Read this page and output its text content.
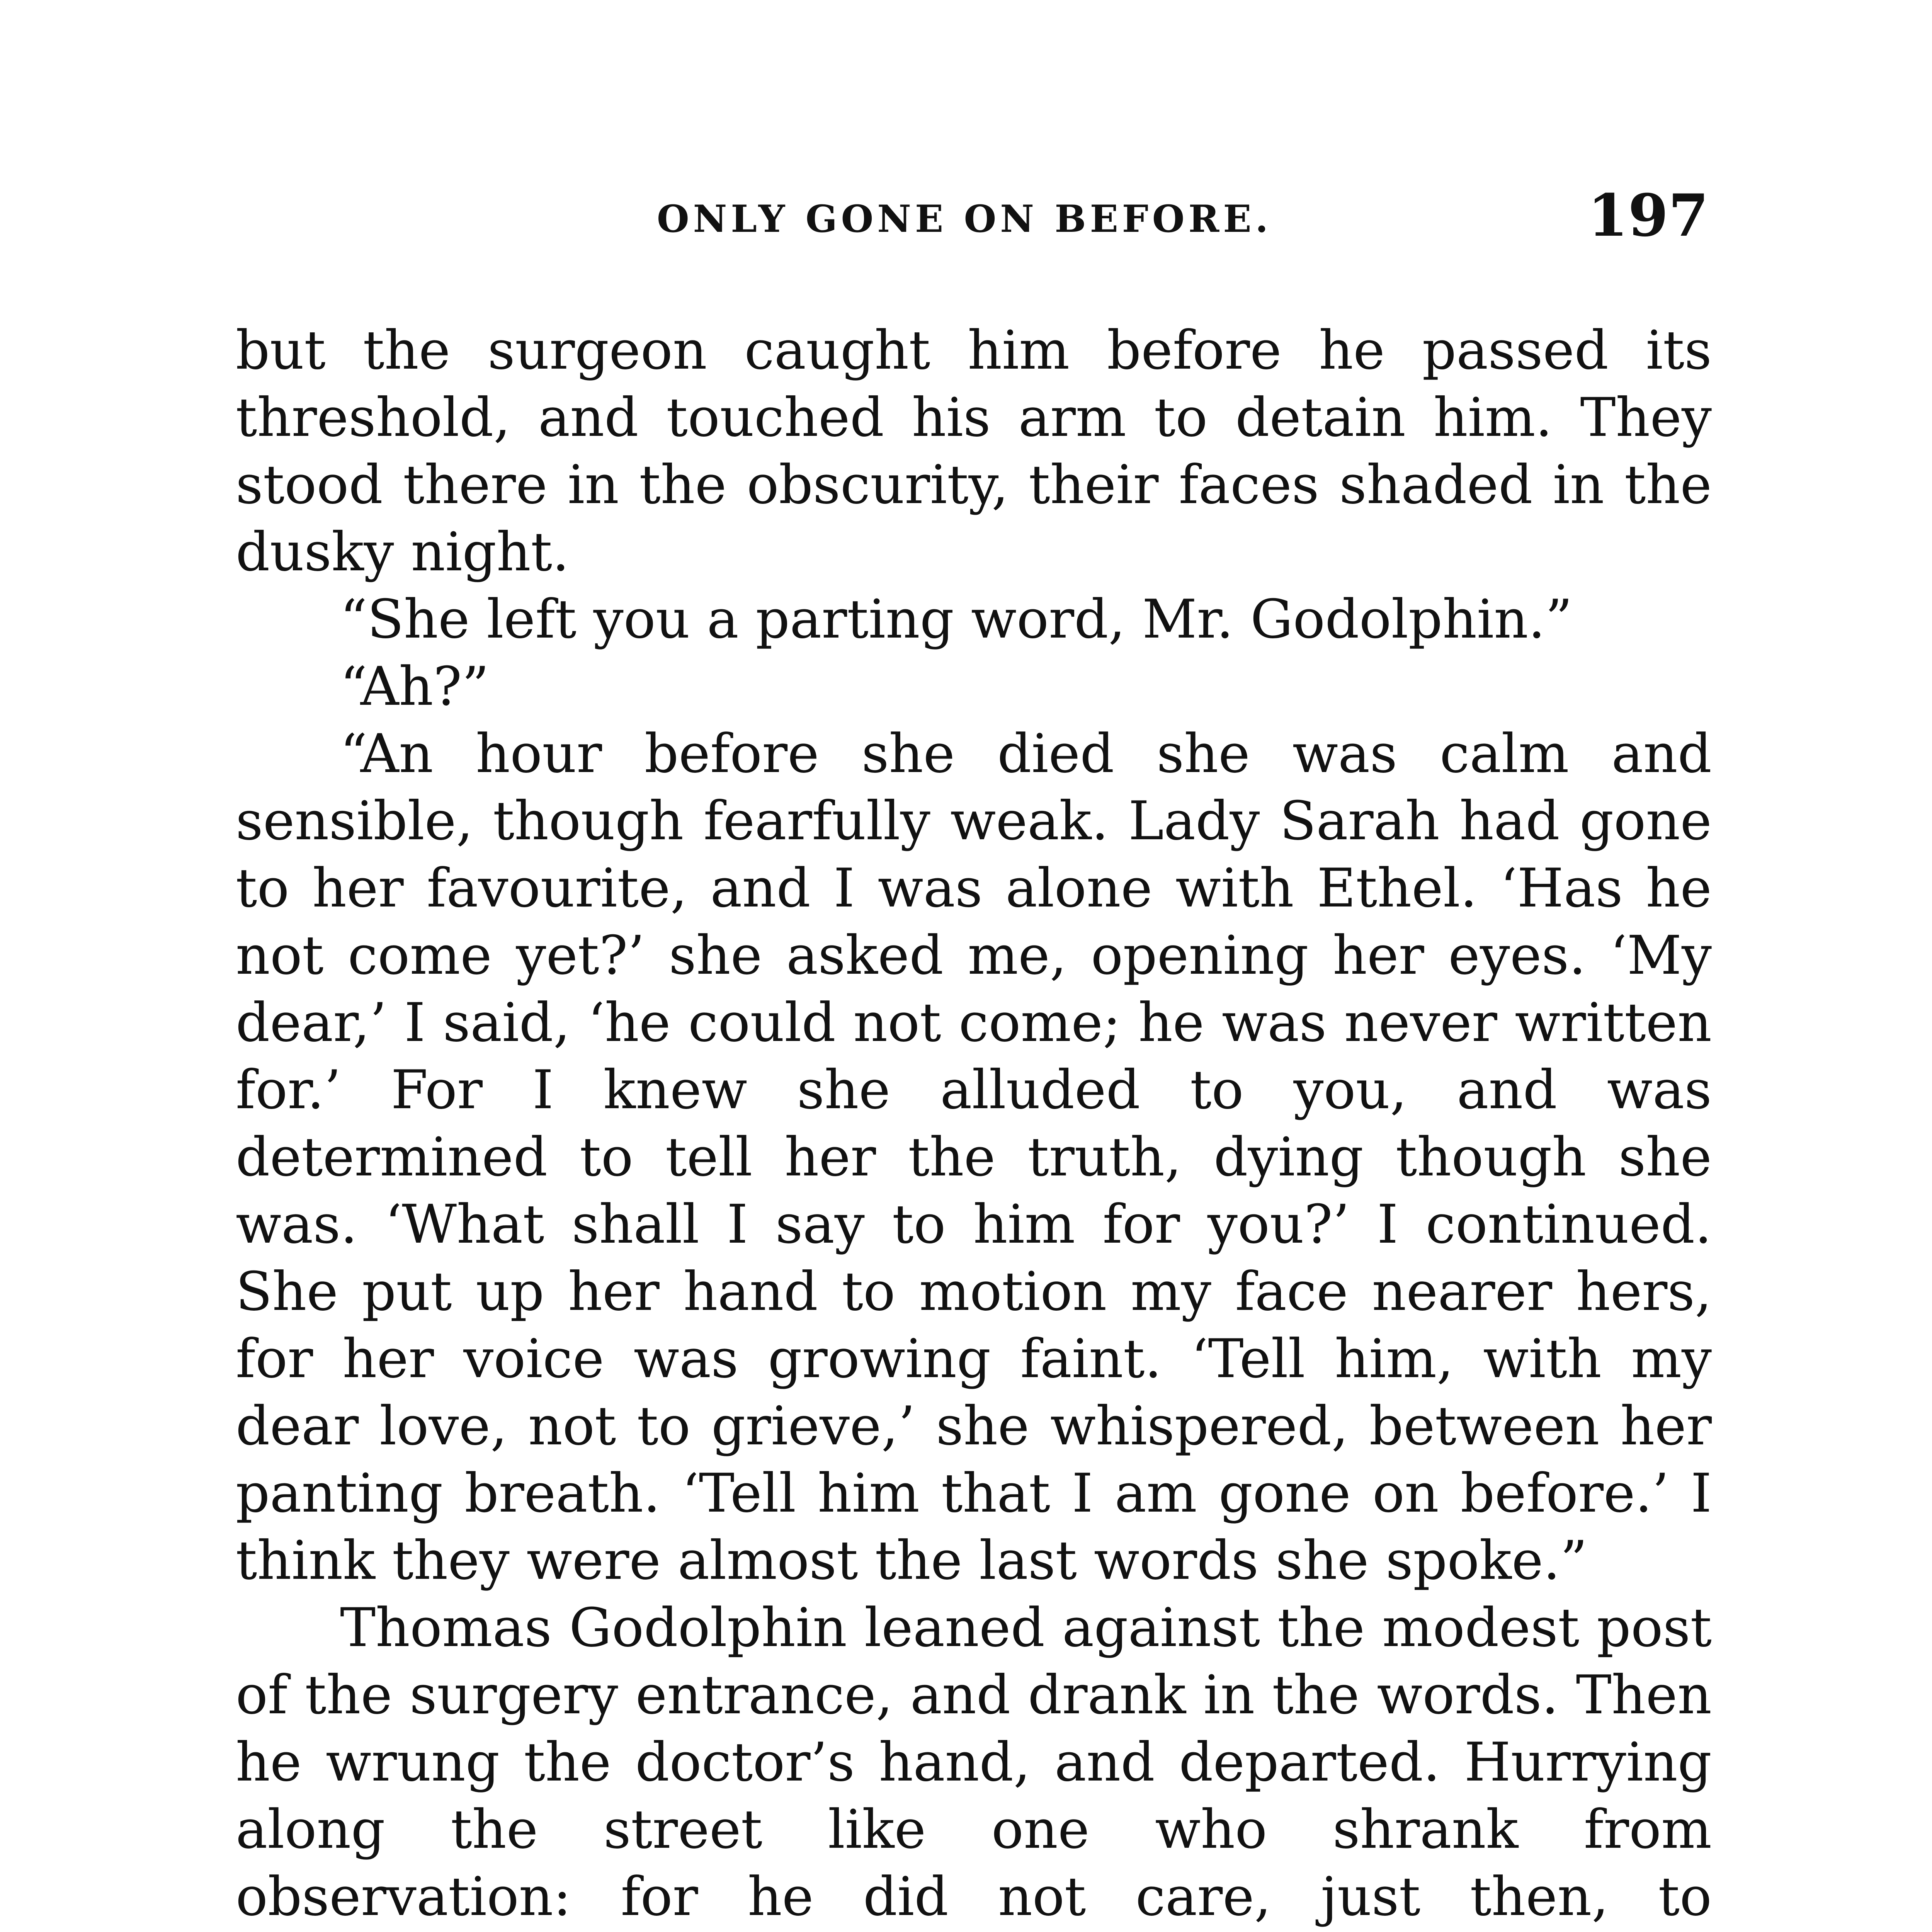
ONLY GONE ON BEFORE.	197

but the surgeon caught him before he passed its threshold, and touched his arm to detain him. They stood there in the obscurity, their faces shaded in the dusky night.

“She left you a parting word, Mr. Godolphin.”

“Ah?”

“An hour before she died she was calm and sensible, though fearfully weak. Lady Sarah had gone to her favourite, and I was alone with Ethel. ‘Has he not come yet?’ she asked me, opening her eyes. ‘My dear,’ I said, ‘he could not come; he was never written for.’ For I knew she alluded to you, and was determined to tell her the truth, dying though she was. ‘What shall I say to him for you?’ I continued. She put up her hand to motion my face nearer hers, for her voice was growing faint. ‘Tell him, with my dear love, not to grieve,’ she whispered, between her panting breath. ‘Tell him that I am gone on before.’ I think they were almost the last words she spoke.”

Thomas Godolphin leaned against the modest post of the surgery entrance, and drank in the words. Then he wrung the doctor’s hand, and departed. Hurrying along the street like one who shrank from observation: for he did not care, just then, to
